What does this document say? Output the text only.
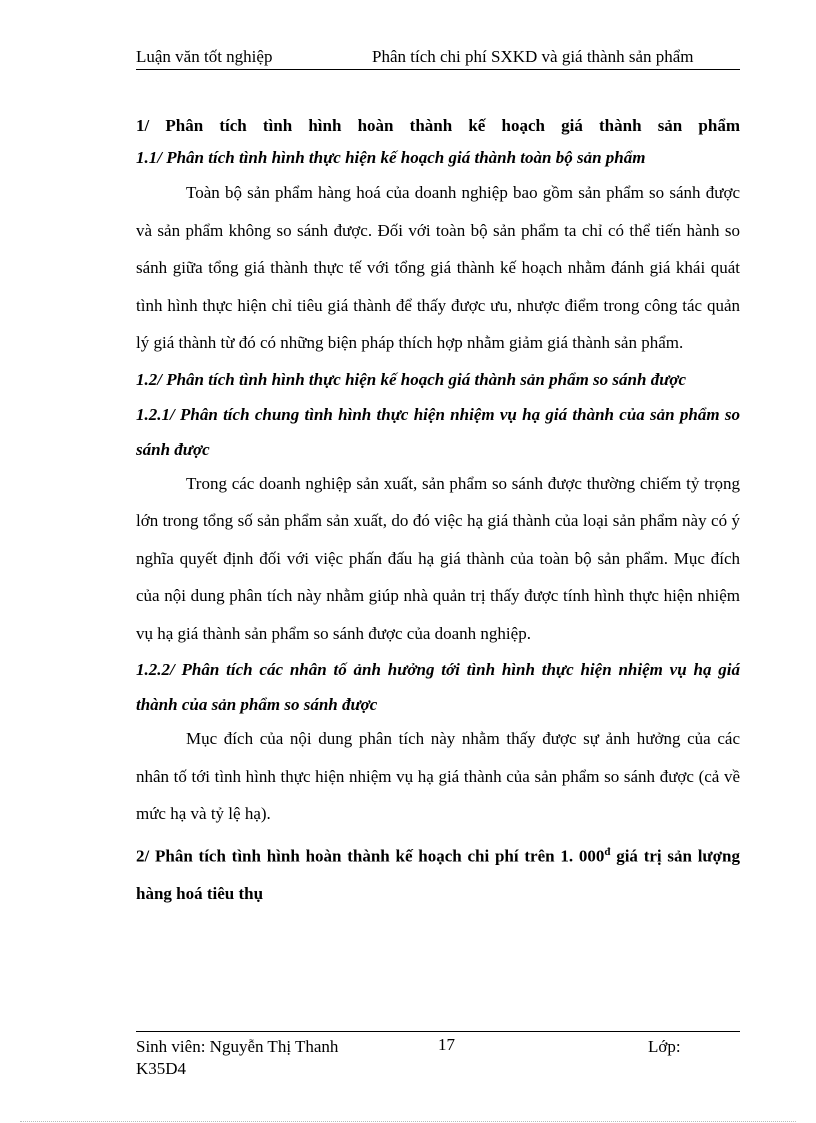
Luận văn tốt nghiệp	Phân tích chi phí SXKD và giá thành sản phẩm

1/ Phân tích tình hình hoàn thành kế hoạch giá thành sản phẩm

1.1/ Phân tích tình hình thực hiện kế hoạch giá thành toàn bộ sản phẩm

Toàn bộ sản phẩm hàng hoá của doanh nghiệp bao gồm sản phẩm so sánh được và sản phẩm không so sánh được. Đối với toàn bộ sản phẩm ta chỉ có thể tiến hành so sánh giữa tổng giá thành thực tế với tổng giá thành kế hoạch nhằm đánh giá khái quát tình hình thực hiện chỉ tiêu giá thành để thấy được ưu, nhược điểm trong công tác quản lý giá thành từ đó có những biện pháp thích hợp nhằm giảm giá thành sản phẩm.

1.2/ Phân tích tình hình thực hiện kế hoạch giá thành sản phẩm so sánh được

1.2.1/ Phân tích chung tình hình thực hiện nhiệm vụ hạ giá thành của sản phẩm so sánh được

Trong các doanh nghiệp sản xuất, sản phẩm so sánh được thường chiếm tỷ trọng lớn trong tổng số sản phẩm sản xuất, do đó việc hạ giá thành của loại sản phẩm này có ý nghĩa quyết định đối với việc phấn đấu hạ giá thành của toàn bộ sản phẩm. Mục đích của nội dung phân tích này nhằm giúp nhà quản trị thấy được tính hình thực hiện nhiệm vụ hạ giá thành sản phẩm so sánh được của doanh nghiệp.

1.2.2/ Phân tích các nhân tố ảnh hưởng tới tình hình thực hiện nhiệm vụ hạ giá thành của sản phẩm so sánh được

Mục đích của nội dung phân tích này nhằm thấy được sự ảnh hưởng của các nhân tố tới tình hình thực hiện nhiệm vụ hạ giá thành của sản phẩm so sánh được (cả về mức hạ và tỷ lệ hạ).

2/ Phân tích tình hình hoàn thành kế hoạch chi phí trên 1. $000^đ$ giá trị sản lượng hàng hoá tiêu thụ

Sinh viên: Nguyễn Thị Thanh K35D4
17	Lớp:
